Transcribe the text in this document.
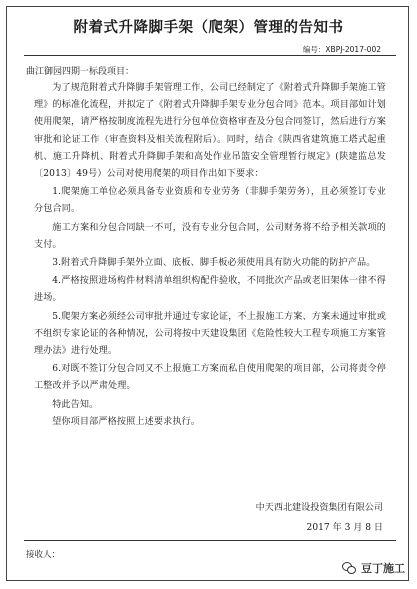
附着式升降脚手架（爬架）管理的告知书
编号：XBPJ-2017-002
曲江御园四期一标段项目：

为了规范附着式升降脚手架管理工作，公司已经制定了《附着式升降脚手架施工管理》的标准化流程，并拟定了《附着式升降脚手架专业分包合同》范本。项目部如计划使用爬架，请严格按制度流程先进行分包单位资格审查及分包合同签订，然后进行方案审批和论证工作（审查资料及相关流程附后）。同时，结合《陕西省建筑施工塔式起重机、施工升降机、附着式升降脚手架和高处作业吊篮安全管理暂行规定》(陕建监总发〔2013〕49号）公司对使用爬架的项目作出如下要求：

1.爬架施工单位必须具备专业资质和专业劳务（非脚手架劳务），且必须签订专业分包合同。

施工方案和分包合同缺一不可，没有专业分包合同，公司财务将不给予相关款项的支付。

3.附着式升降脚手架外立面、底板、脚手板必须使用具有防火功能的防护产品。

4.严格按照进场构件材料清单组织构配件验收，不同批次产品或老旧架体一律不得进场。

5.爬架方案必须经公司审批并通过专家论证，不上报施工方案、方案未通过审批或不组织专家论证的各种情况，公司将按中天建设集团《危险性较大工程专项施工方案管理办法》进行处理。

6.对既不签订分包合同又不上报施工方案而私自使用爬架的项目部，公司将责令停工整改并予以严肃处理。

特此告知。

望你项目部严格按照上述要求执行。

中天西北建设投资集团有限公司
2017 年 3 月 8 日
接收人：
豆丁施工
